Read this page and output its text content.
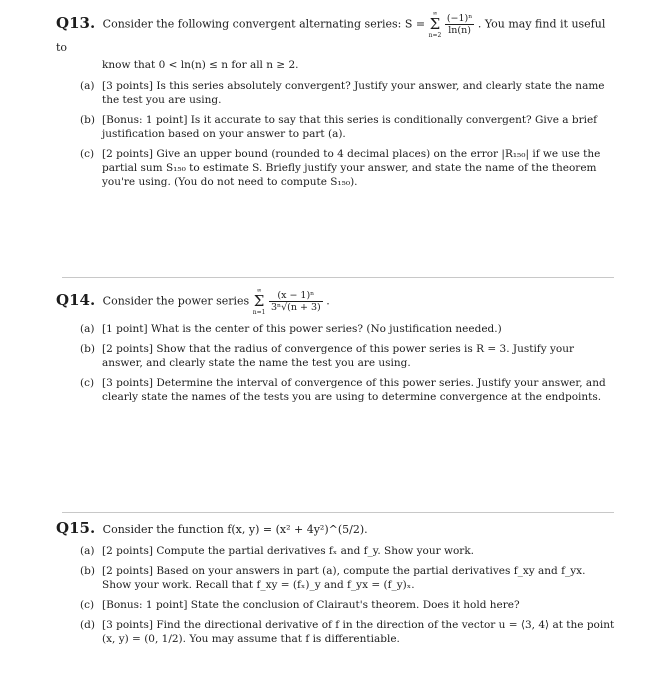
Q13. Consider the following convergent alternating series: S =
∞
Σ
n=2
$\frac{\text{(−1)ⁿ}}{\ln(n)}$ . You may find it useful to
know that 0 < ln(n) ≤ n for all n ≥ 2.
(a) [3 points] Is this series absolutely convergent? Justify your answer, and clearly state the name the test you are using.
(b) [Bonus: 1 point] Is it accurate to say that this series is conditionally convergent? Give a brief justification based on your answer to part (a).
(c) [2 points] Give an upper bound (rounded to 4 decimal places) on the error |R₁₅₀| if we use the partial sum S₁₅₀ to estimate S. Briefly justify your answer, and state the name of the theorem you're using. (You do not need to compute S₁₅₀).
Q14. Consider the power series
∞
Σ
n=1
$\frac{\text{(x − 1)ⁿ}}{\text{3ⁿ√(n + 3)}}$ .
(a) [1 point] What is the center of this power series? (No justification needed.)
(b) [2 points] Show that the radius of convergence of this power series is R = 3. Justify your answer, and clearly state the name the test you are using.
(c) [3 points] Determine the interval of convergence of this power series. Justify your answer, and clearly state the names of the tests you are using to determine convergence at the endpoints.
Q15. Consider the function f(x, y) = (x² + 4y²)^(5/2).
(a) [2 points] Compute the partial derivatives fₓ and f_y. Show your work.
(b) [2 points] Based on your answers in part (a), compute the partial derivatives f_xy and f_yx. Show your work. Recall that f_xy = (fₓ)_y and f_yx = (f_y)ₓ.
(c) [Bonus: 1 point] State the conclusion of Clairaut's theorem. Does it hold here?
(d) [3 points] Find the directional derivative of f in the direction of the vector u = ⟨3, 4⟩ at the point (x, y) = (0, 1/2). You may assume that f is differentiable.
